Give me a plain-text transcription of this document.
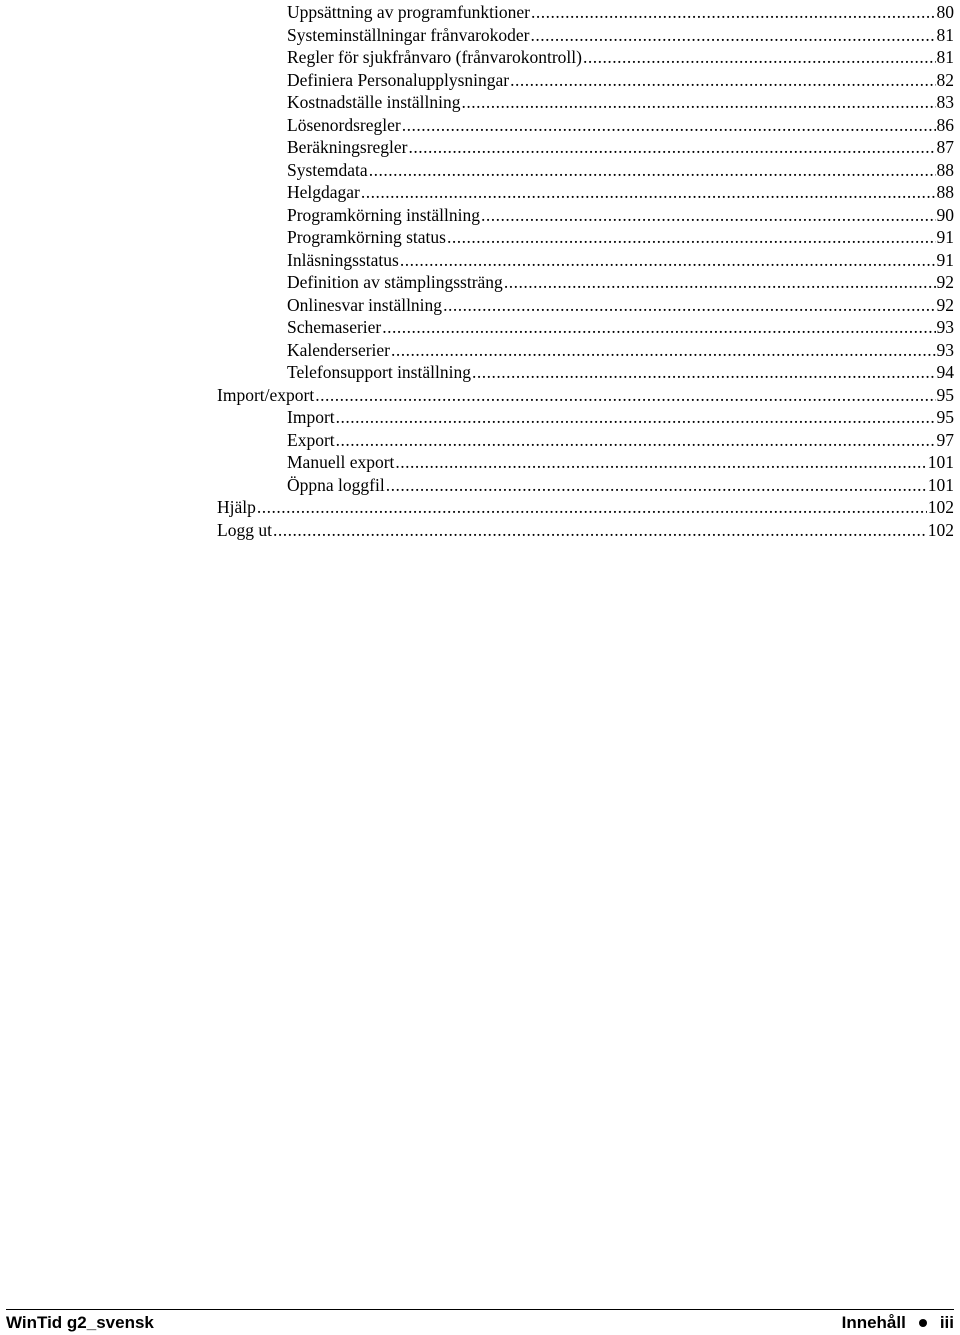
Uppsättning av programfunktioner .....	80
Systeminställningar frånvarokoder .....	81
Regler för sjukfrånvaro (frånvarokontroll) .....	81
Definiera Personalupplysningar .....	82
Kostnadställe inställning .....	83
Lösenordsregler .....	86
Beräkningsregler .....	87
Systemdata .....	88
Helgdagar .....	88
Programkörning inställning .....	90
Programkörning status .....	91
Inläsningsstatus .....	91
Definition av stämplingssträng .....	92
Onlinesvar inställning .....	92
Schemaserier .....	93
Kalenderserier .....	93
Telefonsupport inställning .....	94
Import/export .....	95
Import .....	95
Export .....	97
Manuell export .....	101
Öppna loggfil .....	101
Hjälp .....	102
Logg ut .....	102
WinTid g2_svensk	Innehåll iii
